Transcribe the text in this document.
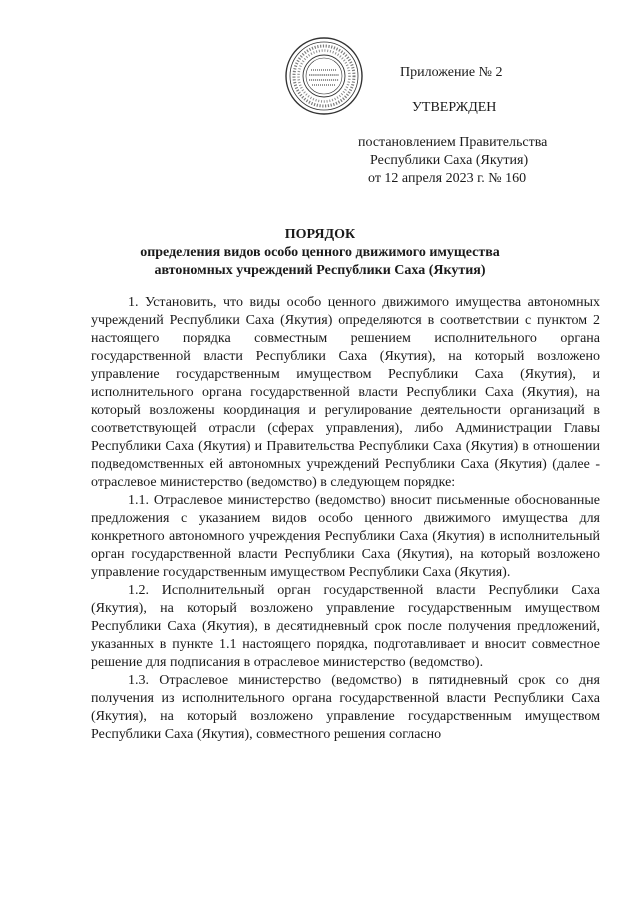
Приложение № 2
УТВЕРЖДЕН
постановлением Правительства
Республики Саха (Якутия)
от 12 апреля 2023 г. № 160
ПОРЯДОК
определения видов особо ценного движимого имущества
автономных учреждений Республики Саха (Якутия)

1. Установить, что виды особо ценного движимого имущества автономных учреждений Республики Саха (Якутия) определяются в соответствии с пунктом 2 настоящего порядка совместным решением исполнительного органа государственной власти Республики Саха (Якутия), на который возложено управление государственным имуществом Республики Саха (Якутия), и исполнительного органа государственной власти Республики Саха (Якутия), на который возложены координация и регулирование деятельности организаций в соответствующей отрасли (сферах управления), либо Администрации Главы Республики Саха (Якутия) и Правительства Республики Саха (Якутия) в отношении подведомственных ей автономных учреждений Республики Саха (Якутия) (далее - отраслевое министерство (ведомство) в следующем порядке:

1.1. Отраслевое министерство (ведомство) вносит письменные обоснованные предложения с указанием видов особо ценного движимого имущества для конкретного автономного учреждения Республики Саха (Якутия) в исполнительный орган государственной власти Республики Саха (Якутия), на который возложено управление государственным имуществом Республики Саха (Якутия).

1.2. Исполнительный орган государственной власти Республики Саха (Якутия), на который возложено управление государственным имуществом Республики Саха (Якутия), в десятидневный срок после получения предложений, указанных в пункте 1.1 настоящего порядка, подготавливает и вносит совместное решение для подписания в отраслевое министерство (ведомство).

1.3. Отраслевое министерство (ведомство) в пятидневный срок со дня получения из исполнительного органа государственной власти Республики Саха (Якутия), на который возложено управление государственным имуществом Республики Саха (Якутия), совместного решения согласно
